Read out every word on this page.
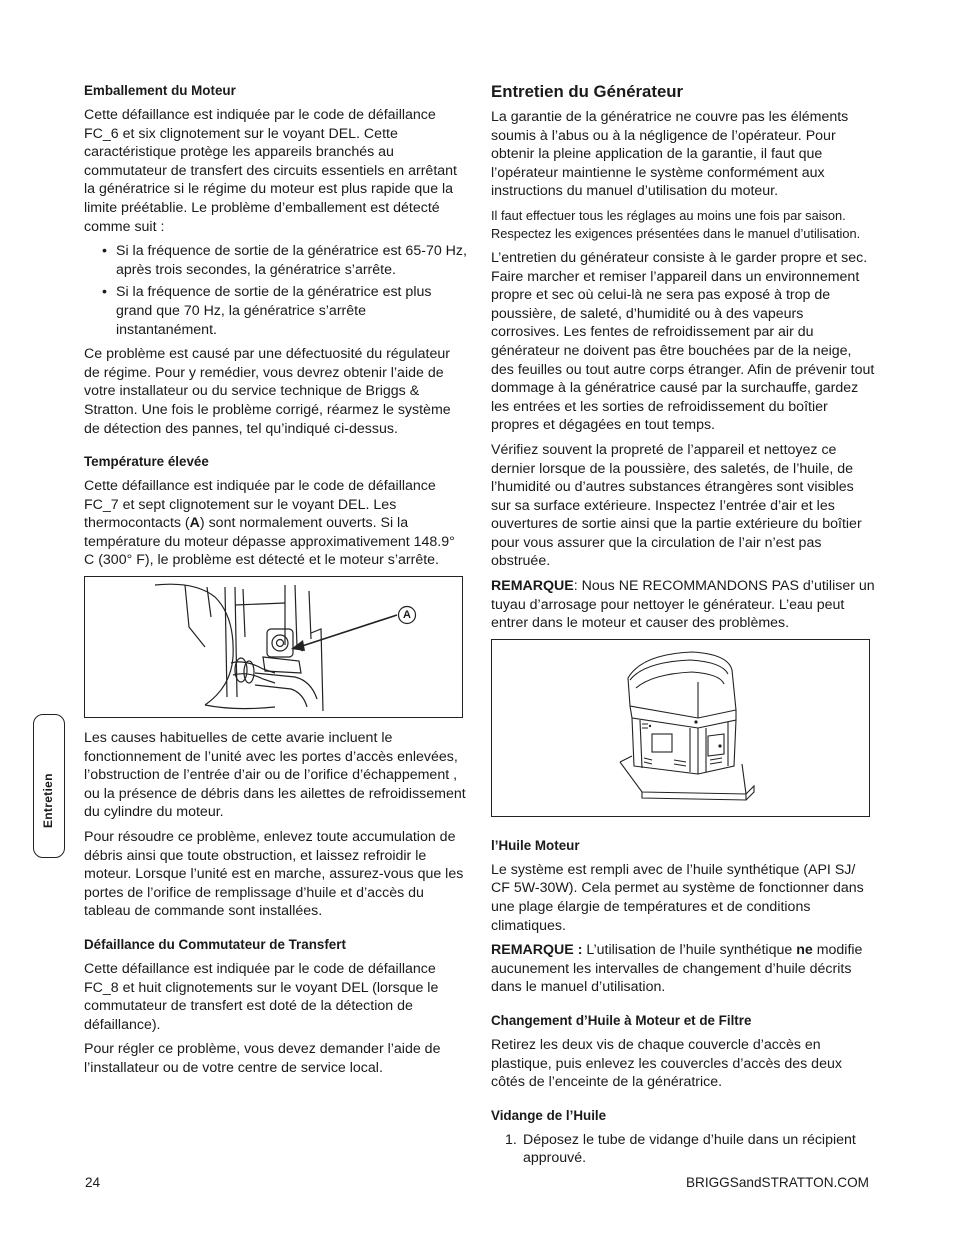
Emballement du Moteur

Cette défaillance est indiquée par le code de défaillance FC_6 et six clignotement sur le voyant DEL. Cette caractéristique protège les appareils branchés au commutateur de transfert des circuits essentiels en arrêtant la génératrice si le régime du moteur est plus rapide que la limite préétablie. Le problème d’emballement est détecté comme suit :

• Si la fréquence de sortie de la génératrice est 65-70 Hz, après trois secondes, la génératrice s’arrête.
• Si la fréquence de sortie de la génératrice est plus grand que 70 Hz, la génératrice s’arrête instantanément.

Ce problème est causé par une défectuosité du régulateur de régime. Pour y remédier, vous devrez obtenir l’aide de votre installateur ou du service technique de Briggs & Stratton. Une fois le problème corrigé, réarmez le système de détection des pannes, tel qu’indiqué ci-dessus.

Température élevée

Cette défaillance est indiquée par le code de défaillance FC_7 et sept clignotement sur le voyant DEL. Les thermocontacts (A) sont normalement ouverts. Si la température du moteur dépasse approximativement 148.9° C (300° F), le problème est détecté et le moteur s’arrête.

A

Les causes habituelles de cette avarie incluent le fonctionnement de l’unité avec les portes d’accès enlevées, l’obstruction de l’entrée d’air ou de l’orifice d’échappement , ou la présence de débris dans les ailettes de refroidissement du cylindre du moteur.

Pour résoudre ce problème, enlevez toute accumulation de débris ainsi que toute obstruction, et laissez refroidir le moteur. Lorsque l’unité est en marche, assurez-vous que les portes de l’orifice de remplissage d’huile et d’accès du tableau de commande sont installées.

Défaillance du Commutateur de Transfert

Cette défaillance est indiquée par le code de défaillance FC_8 et huit clignotements sur le voyant DEL (lorsque le commutateur de transfert est doté de la détection de défaillance).

Pour régler ce problème, vous devez demander l’aide de l’installateur ou de votre centre de service local.

Entretien du Générateur

La garantie de la génératrice ne couvre pas les éléments soumis à l’abus ou à la négligence de l’opérateur. Pour obtenir la pleine application de la garantie, il faut que l’opérateur maintienne le système conformément aux instructions du manuel d’utilisation du moteur.

Il faut effectuer tous les réglages au moins une fois par saison. Respectez les exigences présentées dans le manuel d’utilisation.

L’entretien du générateur consiste à le garder propre et sec. Faire marcher et remiser l’appareil dans un environnement propre et sec où celui-là ne sera pas exposé à trop de poussière, de saleté, d’humidité ou à des vapeurs corrosives. Les fentes de refroidissement par air du générateur ne doivent pas être bouchées par de la neige, des feuilles ou tout autre corps étranger. Afin de prévenir tout dommage à la génératrice causé par la surchauffe, gardez les entrées et les sorties de refroidissement du boîtier propres et dégagées en tout temps.

Vérifiez souvent la propreté de l’appareil et nettoyez ce dernier lorsque de la poussière, des saletés, de l’huile, de l’humidité ou d’autres substances étrangères sont visibles sur sa surface extérieure. Inspectez l’entrée d’air et les ouvertures de sortie ainsi que la partie extérieure du boîtier pour vous assurer que la circulation de l’air n’est pas obstruée.

REMARQUE: Nous NE RECOMMANDONS PAS d’utiliser un tuyau d’arrosage pour nettoyer le générateur. L’eau peut entrer dans le moteur et causer des problèmes.

l’Huile Moteur

Le système est rempli avec de l’huile synthétique (API SJ/ CF 5W-30W). Cela permet au système de fonctionner dans une plage élargie de températures et de conditions climatiques.

REMARQUE : L’utilisation de l’huile synthétique ne modifie aucunement les intervalles de changement d’huile décrits dans le manuel d’utilisation.

Changement d’Huile à Moteur et de Filtre

Retirez les deux vis de chaque couvercle d’accès en plastique, puis enlevez les couvercles d’accès des deux côtés de l’enceinte de la génératrice.

Vidange de l’Huile
1. Déposez le tube de vidange d’huile dans un récipient approuvé.
24	BRIGGSandSTRATTON.COM
